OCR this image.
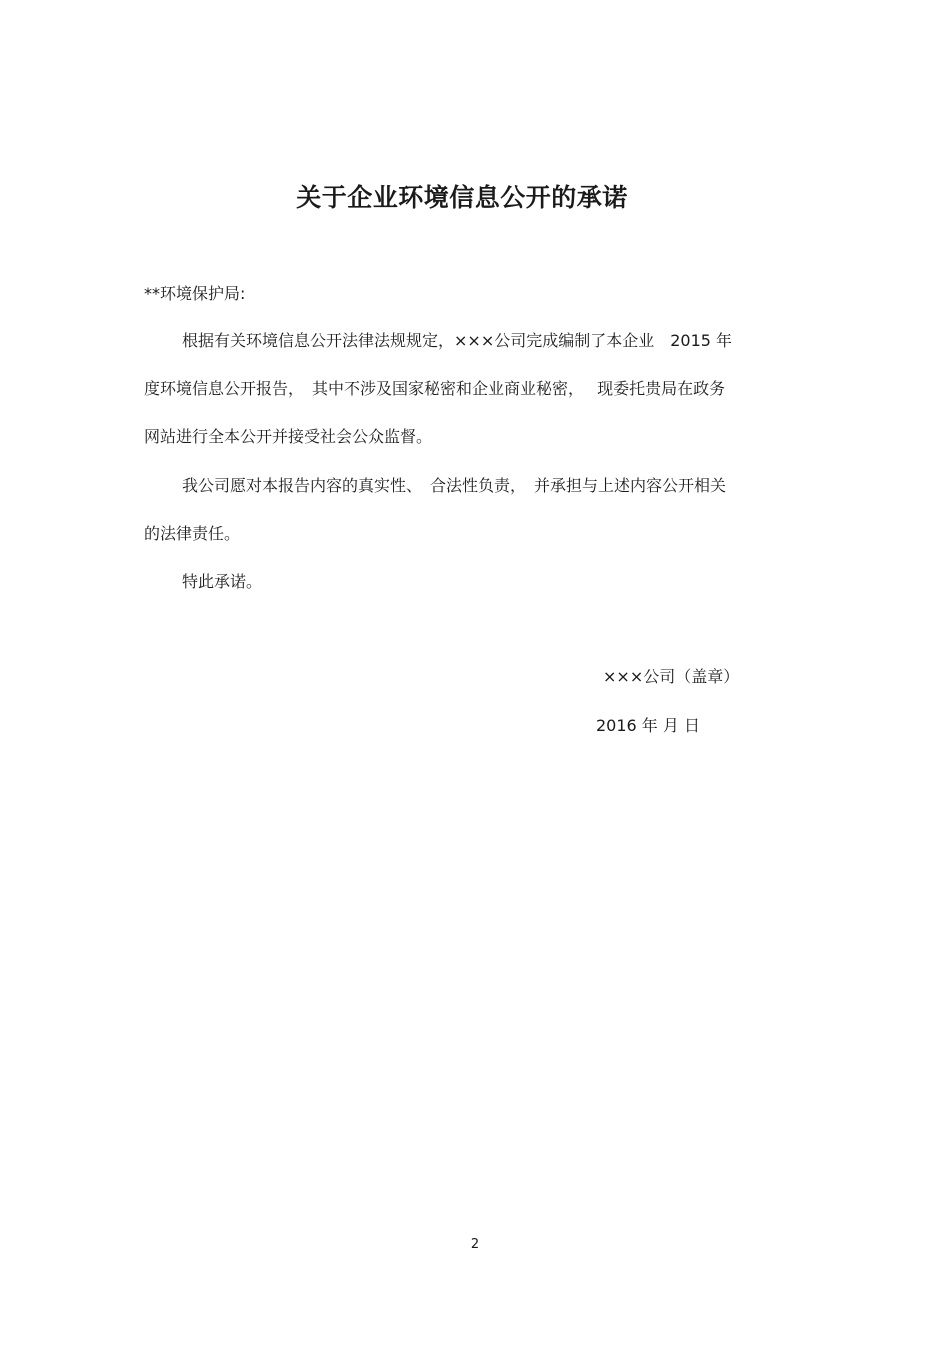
关于企业环境信息公开的承诺

**环境保护局:

根据有关环境信息公开法律法规规定，×××公司完成编制了本企业　2015 年

度环境信息公开报告，　其中不涉及国家秘密和企业商业秘密，　 现委托贵局在政务

网站进行全本公开并接受社会公众监督。

我公司愿对本报告内容的真实性、　合法性负责，　并承担与上述内容公开相关

的法律责任。

特此承诺。

×××公司（盖章）

2016 年 月 日

2
